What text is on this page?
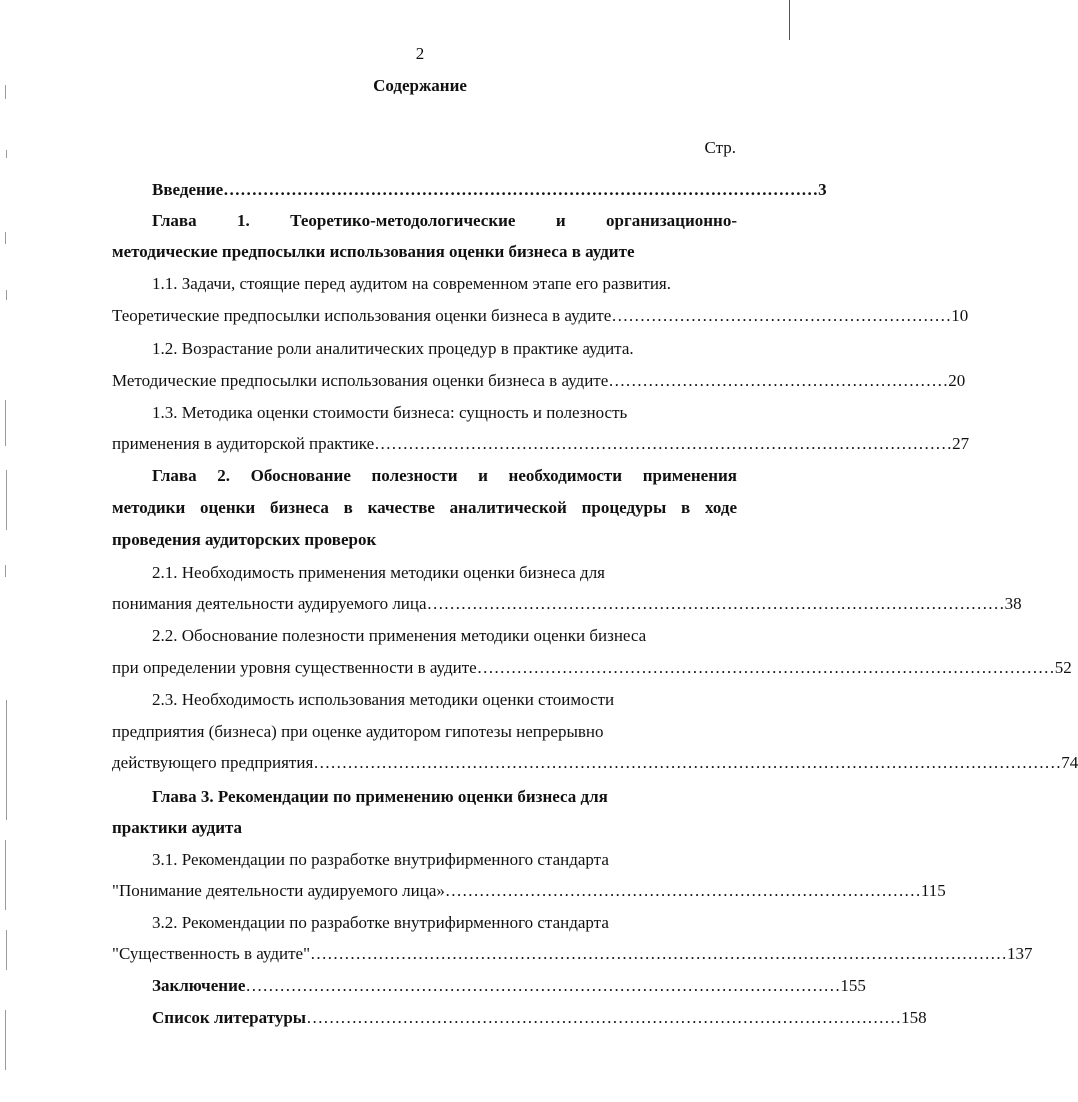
2
Содержание
Стр.
Введение …………………………………………………………………………………………… 3
Глава 1. Теоретико-методологические и организационно-
методические предпосылки использования оценки бизнеса в аудите
1.1. Задачи, стоящие перед аудитом на современном этапе его развития.
Теоретические предпосылки использования оценки бизнеса в аудите …………………………………………………… 10
1.2. Возрастание роли аналитических процедур в практике аудита.
Методические предпосылки использования оценки бизнеса в аудите …………………………………………………… 20
1.3. Методика оценки стоимости бизнеса: сущность и полезность
применения в аудиторской практике ………………………………………………………………………………………… 27
Глава 2. Обоснование полезности и необходимости применения
методики оценки бизнеса в качестве аналитической процедуры в ходе
проведения аудиторских проверок
2.1. Необходимость применения методики оценки бизнеса для
понимания деятельности аудируемого лица ………………………………………………………………………………………… 38
2.2. Обоснование полезности применения методики оценки бизнеса
при определении уровня существенности в аудите ………………………………………………………………………………………… 52
2.3. Необходимость использования методики оценки стоимости
предприятия (бизнеса) при оценке аудитором гипотезы непрерывно
действующего предприятия …………………………………………………………………………………………………………………… 74
Глава 3. Рекомендации по применению оценки бизнеса для
практики аудита
3.1. Рекомендации по разработке внутрифирменного стандарта
"Понимание деятельности аудируемого лица» ………………………………………………………………………… 115
3.2. Рекомендации по разработке внутрифирменного стандарта
"Существенность в аудите" …………………………………………………………………………………………………………… 137
Заключение …………………………………………………………………………………………… 155
Список литературы …………………………………………………………………………………………… 158
